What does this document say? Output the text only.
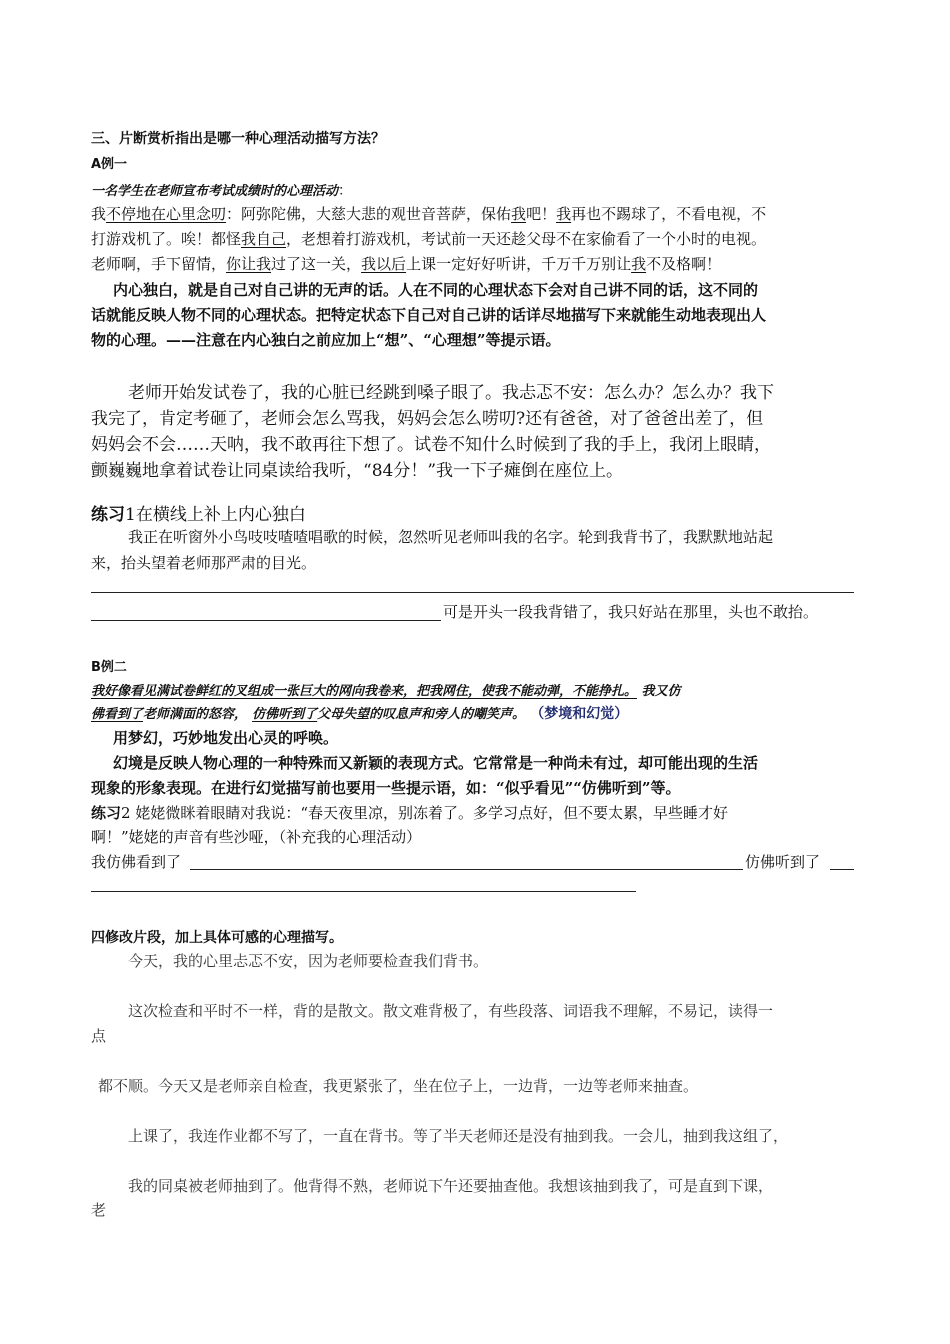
三、片断赏析指出是哪一种心理活动描写方法？
A例一
一名学生在老师宣布考试成绩时的心理活动：
我不停地在心里念叨：阿弥陀佛，大慈大悲的观世音菩萨，保佑我吧！我再也不踢球了，不看电视，不
打游戏机了。唉！都怪我自己，老想着打游戏机，考试前一天还趁父母不在家偷看了一个小时的电视。
老师啊，手下留情，你让我过了这一关，我以后上课一定好好听讲，千万千万别让我不及格啊！
内心独白，就是自己对自己讲的无声的话。人在不同的心理状态下会对自己讲不同的话，这不同的
话就能反映人物不同的心理状态。把特定状态下自己对自己讲的话详尽地描写下来就能生动地表现出人
物的心理。——注意在内心独白之前应加上“想”、“心理想”等提示语。
老师开始发试卷了，我的心脏已经跳到嗓子眼了。我忐忑不安：怎么办？怎么办？我下
我完了，肯定考砸了，老师会怎么骂我，妈妈会怎么唠叨?还有爸爸，对了爸爸出差了，但
妈妈会不会……天呐，我不敢再往下想了。试卷不知什么时候到了我的手上，我闭上眼睛，
颤巍巍地拿着试卷让同桌读给我听，“84分！”我一下子瘫倒在座位上。
练习1在横线上补上内心独白
我正在听窗外小鸟吱吱喳喳唱歌的时候，忽然听见老师叫我的名字。轮到我背书了，我默默地站起
来，抬头望着老师那严肃的目光。
可是开头一段我背错了，我只好站在那里，头也不敢抬。
B例二
我好像看见满试卷鲜红的叉组成一张巨大的网向我卷来，把我网住，使我不能动弹，不能挣扎。 我又仿
佛看到了老师满面的怒容， 仿佛听到了父母失望的叹息声和旁人的嘲笑声。 （梦境和幻觉）
用梦幻，巧妙地发出心灵的呼唤。
幻境是反映人物心理的一种特殊而又新颖的表现方式。它常常是一种尚未有过，却可能出现的生活
现象的形象表现。在进行幻觉描写前也要用一些提示语，如：“似乎看见”“仿佛听到”等。
练习2 姥姥微眯着眼睛对我说：“春天夜里凉，别冻着了。多学习点好，但不要太累，早些睡才好
啊！”姥姥的声音有些沙哑，（补充我的心理活动）
我仿佛看到了	仿佛听到了
四修改片段，加上具体可感的心理描写。
今天，我的心里忐忑不安，因为老师要检查我们背书。
这次检查和平时不一样，背的是散文。散文难背极了，有些段落、词语我不理解，不易记，读得一
点
都不顺。今天又是老师亲自检查，我更紧张了，坐在位子上，一边背，一边等老师来抽查。
上课了，我连作业都不写了，一直在背书。等了半天老师还是没有抽到我。一会儿，抽到我这组了，
我的同桌被老师抽到了。他背得不熟，老师说下午还要抽查他。我想该抽到我了，可是直到下课，
老
